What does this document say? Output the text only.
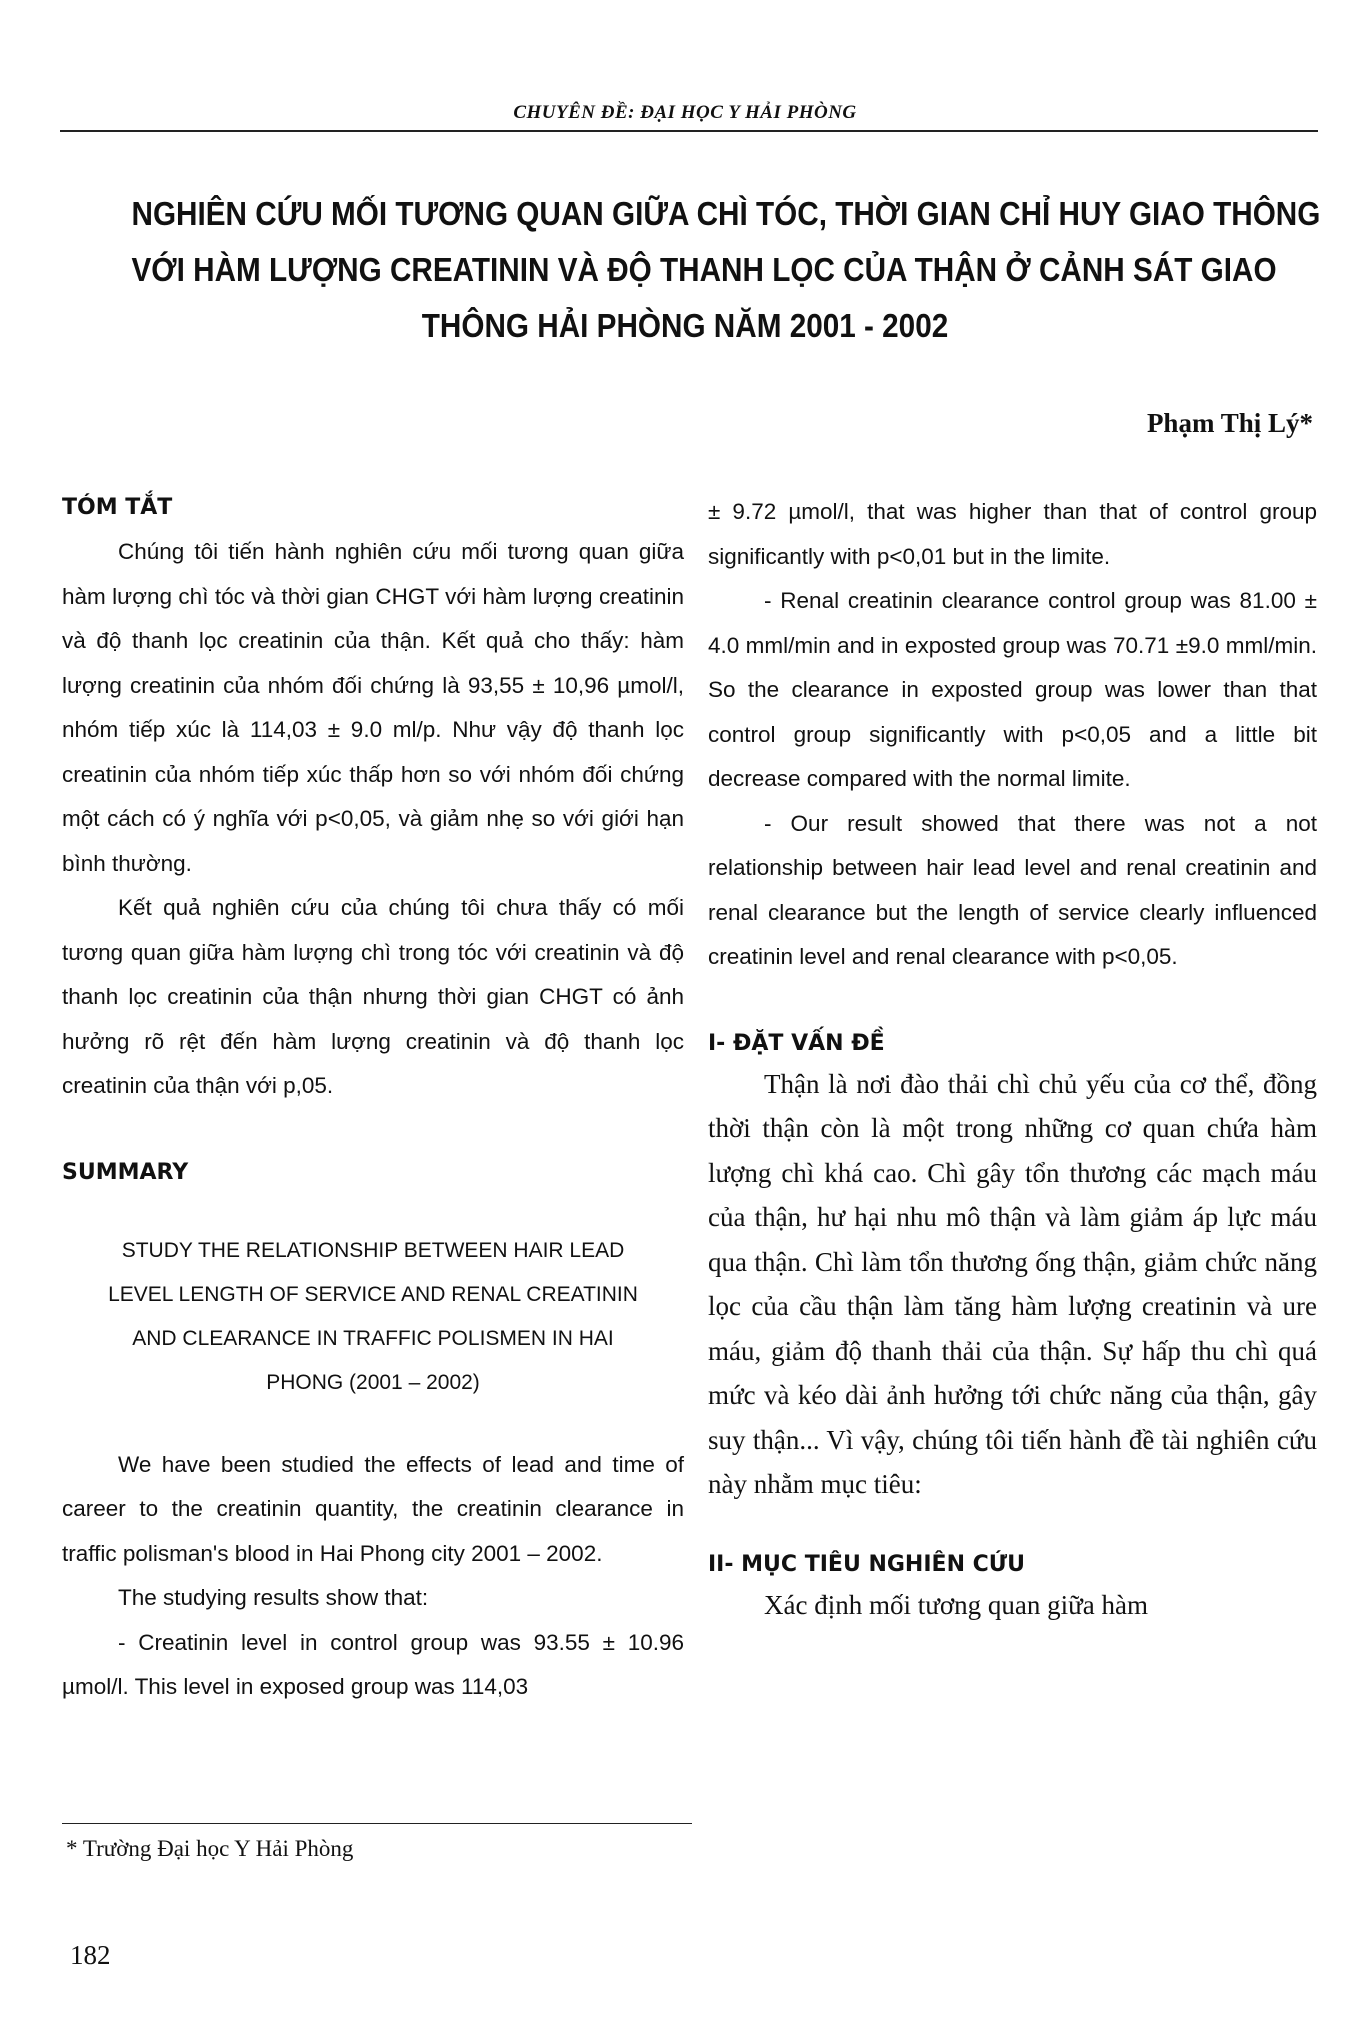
CHUYÊN ĐỀ: ĐẠI HỌC Y HẢI PHÒNG
NGHIÊN CỨU MỐI TƯƠNG QUAN GIỮA CHÌ TÓC, THỜI GIAN CHỈ HUY GIAO THÔNG
VỚI HÀM LƯỢNG CREATININ VÀ ĐỘ THANH LỌC CỦA THẬN Ở CẢNH SÁT GIAO
THÔNG HẢI PHÒNG NĂM 2001 - 2002
Phạm Thị Lý*
TÓM TẮT

Chúng tôi tiến hành nghiên cứu mối tương quan giữa hàm lượng chì tóc và thời gian CHGT với hàm lượng creatinin và độ thanh lọc creatinin của thận. Kết quả cho thấy: hàm lượng creatinin của nhóm đối chứng là 93,55 ± 10,96 µmol/l, nhóm tiếp xúc là 114,03 ± 9.0 ml/p. Như vậy độ thanh lọc creatinin của nhóm tiếp xúc thấp hơn so với nhóm đối chứng một cách có ý nghĩa với p<0,05, và giảm nhẹ so với giới hạn bình thường.

Kết quả nghiên cứu của chúng tôi chưa thấy có mối tương quan giữa hàm lượng chì trong tóc với creatinin và độ thanh lọc creatinin của thận nhưng thời gian CHGT có ảnh hưởng rõ rệt đến hàm lượng creatinin và độ thanh lọc creatinin của thận với p,05.

SUMMARY

STUDY THE RELATIONSHIP BETWEEN HAIR LEAD

LEVEL LENGTH OF SERVICE AND RENAL CREATININ

AND CLEARANCE IN TRAFFIC POLISMEN IN HAI

PHONG (2001 – 2002)

We have been studied the effects of lead and time of career to the creatinin quantity, the creatinin clearance in traffic polisman's blood in Hai Phong city 2001 – 2002.

The studying results show that:

- Creatinin level in control group was 93.55 ± 10.96 µmol/l. This level in exposed group was 114,03

± 9.72 µmol/l, that was higher than that of control group significantly with p<0,01 but in the limite.

- Renal creatinin clearance control group was 81.00 ± 4.0 mml/min and in exposted group was 70.71 ±9.0 mml/min. So the clearance in exposted group was lower than that control group significantly with p<0,05 and a little bit decrease compared with the normal limite.

- Our result showed that there was not a not relationship between hair lead level and renal creatinin and renal clearance but the length of service clearly influenced creatinin level and renal clearance with p<0,05.

I- ĐẶT VẤN ĐỀ

Thận là nơi đào thải chì chủ yếu của cơ thể, đồng thời thận còn là một trong những cơ quan chứa hàm lượng chì khá cao. Chì gây tổn thương các mạch máu của thận, hư hại nhu mô thận và làm giảm áp lực máu qua thận. Chì làm tổn thương ống thận, giảm chức năng lọc của cầu thận làm tăng hàm lượng creatinin và ure máu, giảm độ thanh thải của thận. Sự hấp thu chì quá mức và kéo dài ảnh hưởng tới chức năng của thận, gây suy thận... Vì vậy, chúng tôi tiến hành đề tài nghiên cứu này nhằm mục tiêu:

II- MỤC TIÊU NGHIÊN CỨU

Xác định mối tương quan giữa hàm

* Trường Đại học Y Hải Phòng
182
